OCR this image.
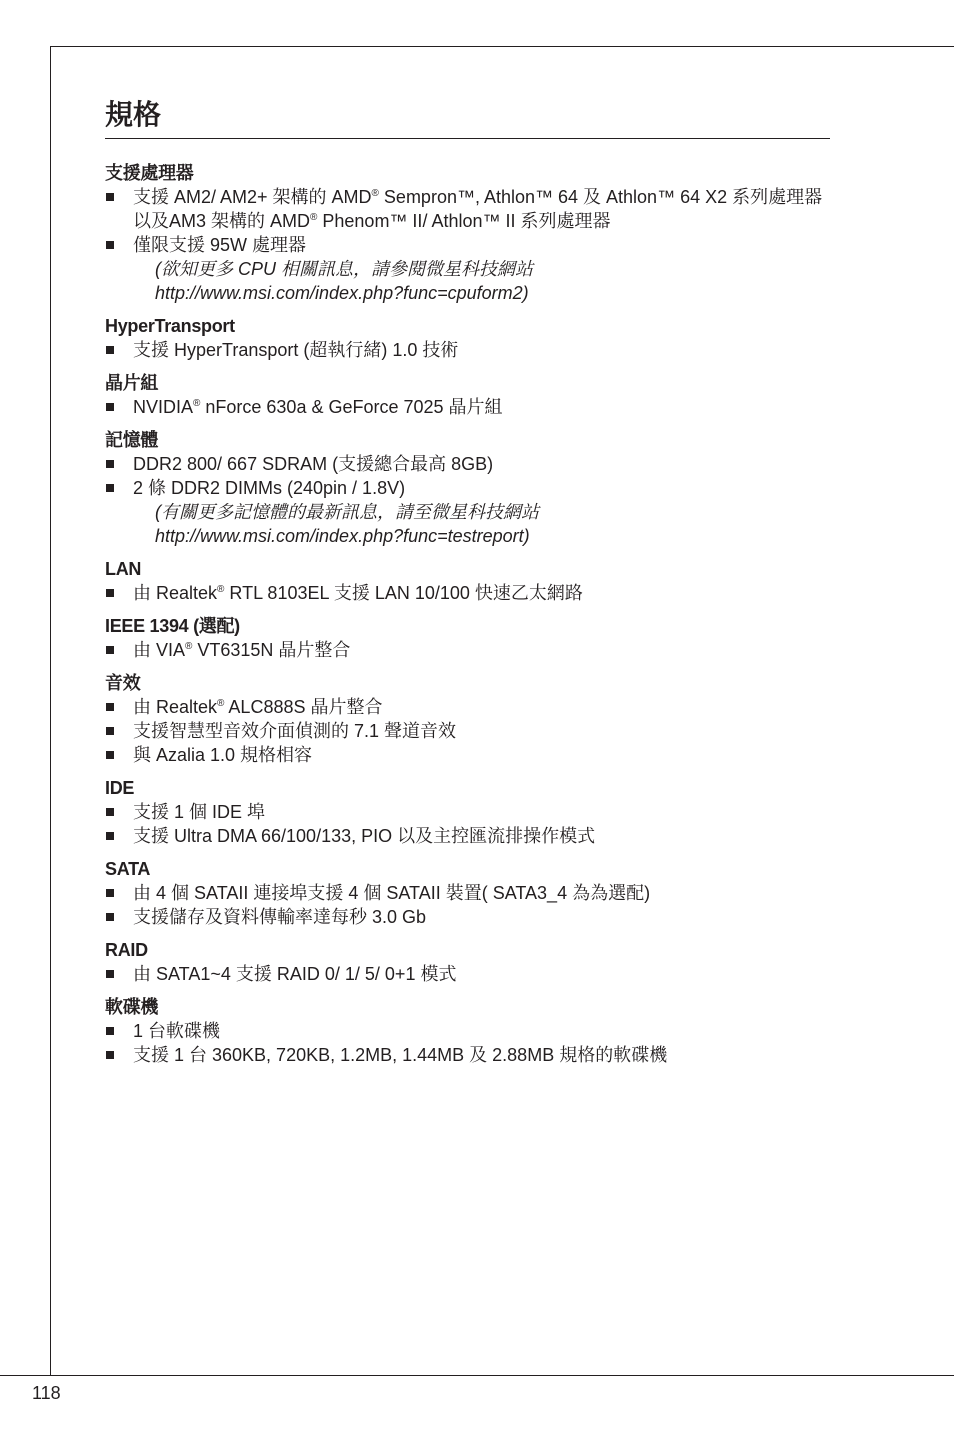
規格
支援處理器
支援 AM2/ AM2+ 架構的 AMD® Sempron™, Athlon™ 64 及 Athlon™ 64 X2 系列處理器以及AM3 架構的 AMD® Phenom™ II/ Athlon™ II 系列處理器
僅限支援 95W 處理器
(欲知更多 CPU 相關訊息，請參閱微星科技網站
http://www.msi.com/index.php?func=cpuform2)
HyperTransport
支援 HyperTransport (超執行緒) 1.0 技術
晶片組
NVIDIA® nForce 630a & GeForce 7025 晶片組
記憶體
DDR2 800/ 667 SDRAM (支援總合最高 8GB)
2 條 DDR2 DIMMs (240pin / 1.8V)
(有關更多記憶體的最新訊息，請至微星科技網站
http://www.msi.com/index.php?func=testreport)
LAN
由 Realtek® RTL 8103EL 支援 LAN 10/100 快速乙太網路
IEEE 1394 (選配)
由 VIA® VT6315N 晶片整合
音效
由 Realtek® ALC888S 晶片整合
支援智慧型音效介面偵測的 7.1 聲道音效
與 Azalia 1.0 規格相容
IDE
支援 1 個 IDE 埠
支援 Ultra DMA 66/100/133, PIO 以及主控匯流排操作模式
SATA
由 4 個 SATAII 連接埠支援 4 個 SATAII 裝置( SATA3_4 為為選配)
支援儲存及資料傳輸率達每秒 3.0 Gb
RAID
由 SATA1~4 支援 RAID 0/ 1/ 5/ 0+1 模式
軟碟機
1 台軟碟機
支援 1 台 360KB, 720KB, 1.2MB, 1.44MB 及 2.88MB 規格的軟碟機
118
